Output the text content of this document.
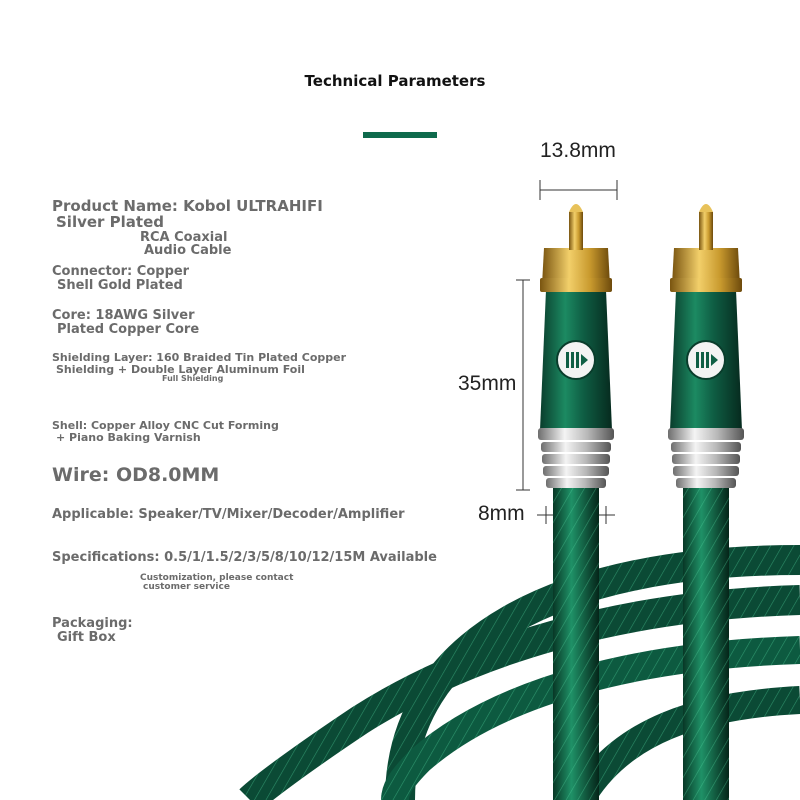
Technical Parameters
Product Name: Kobol ULTRAHIFI
Silver Plated
RCA Coaxial
Audio Cable
Connector: Copper
Shell Gold Plated
Core: 18AWG Silver
Plated Copper Core
Shielding Layer: 160 Braided Tin Plated Copper
Shielding + Double Layer Aluminum Foil
Full Shielding
Shell: Copper Alloy CNC Cut Forming
+ Piano Baking Varnish
Wire: OD8.0MM
Applicable: Speaker/TV/Mixer/Decoder/Amplifier
Specifications: 0.5/1/1.5/2/3/5/8/10/12/15M Available
Customization, please contact
customer service
Packaging:
Gift Box
13.8mm
35mm
8mm
